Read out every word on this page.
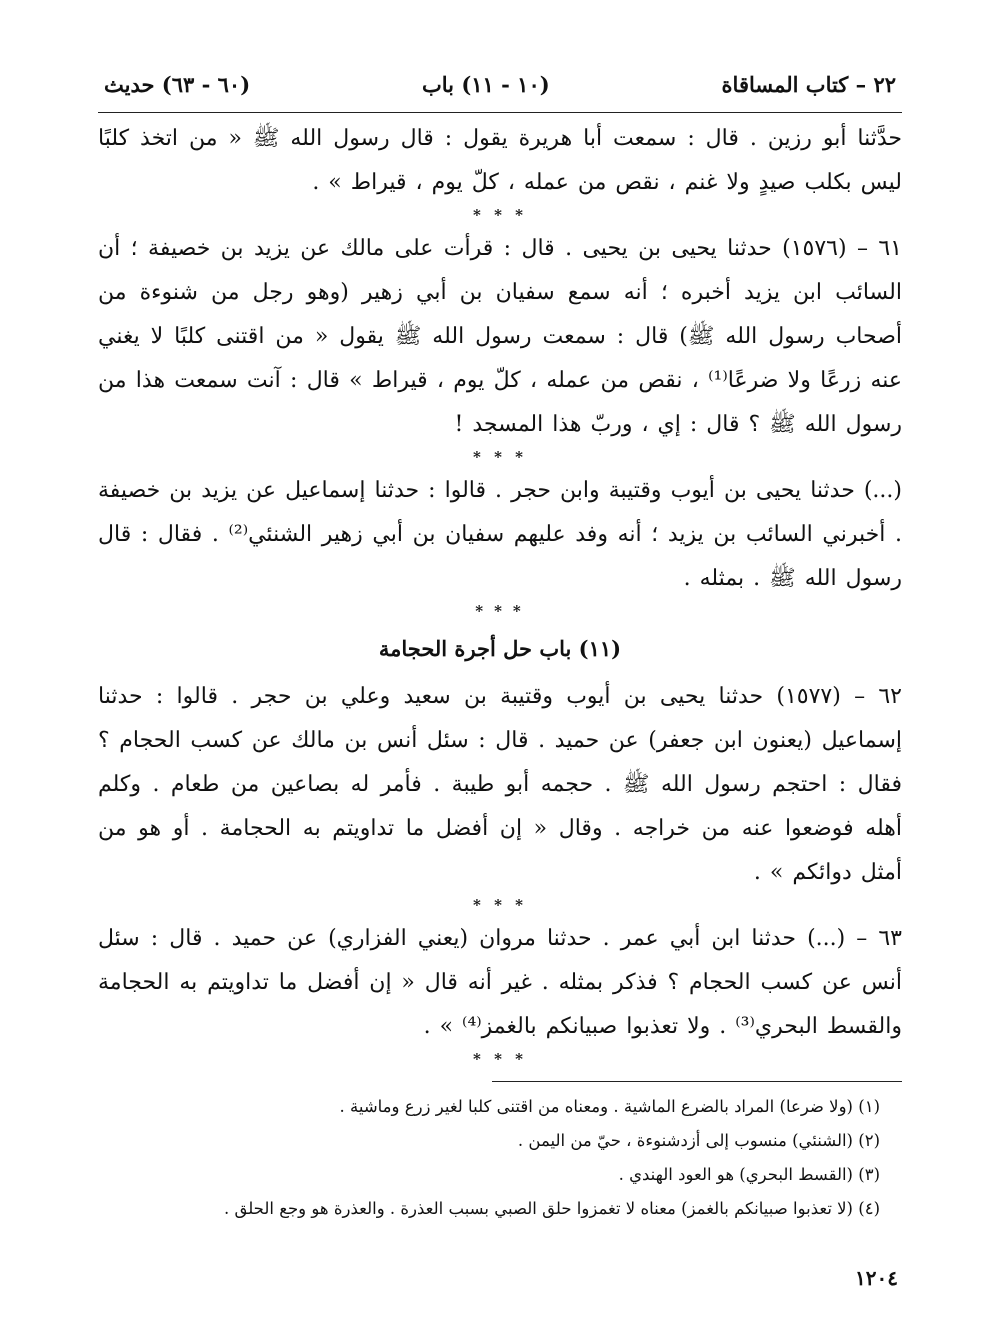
٢٢ – كتاب المساقاة
(١٠ - ١١) باب
(٦٠ - ٦٣) حديث

حدَّثنا أبو رزين . قال : سمعت أبا هريرة يقول : قال رسول الله ﷺ « من اتخذ كلبًا ليس بكلب صيدٍ ولا غنم ، نقص من عمله ، كلّ يوم ، قيراط » .

* * *

٦١ – (١٥٧٦) حدثنا يحيى بن يحيى . قال : قرأت على مالك عن يزيد بن خصيفة ؛ أن السائب ابن يزيد أخبره ؛ أنه سمع سفيان بن أبي زهير (وهو رجل من شنوءة من أصحاب رسول الله ﷺ) قال : سمعت رسول الله ﷺ يقول « من اقتنى كلبًا لا يغني عنه زرعًا ولا ضرعًا⁽¹⁾ ، نقص من عمله ، كلّ يوم ، قيراط » قال : آنت سمعت هذا من رسول الله ﷺ ؟ قال : إي ، وربّ هذا المسجد !

* * *

(...) حدثنا يحيى بن أيوب وقتيبة وابن حجر . قالوا : حدثنا إسماعيل عن يزيد بن خصيفة . أخبرني السائب بن يزيد ؛ أنه وفد عليهم سفيان بن أبي زهير الشنئي⁽²⁾ . فقال : قال رسول الله ﷺ . بمثله .

* * *
(١١) باب حل أجرة الحجامة

٦٢ – (١٥٧٧) حدثنا يحيى بن أيوب وقتيبة بن سعيد وعلي بن حجر . قالوا : حدثنا إسماعيل (يعنون ابن جعفر) عن حميد . قال : سئل أنس بن مالك عن كسب الحجام ؟ فقال : احتجم رسول الله ﷺ . حجمه أبو طيبة . فأمر له بصاعين من طعام . وكلم أهله فوضعوا عنه من خراجه . وقال « إن أفضل ما تداويتم به الحجامة . أو هو من أمثل دوائكم » .

* * *

٦٣ – (...) حدثنا ابن أبي عمر . حدثنا مروان (يعني الفزاري) عن حميد . قال : سئل أنس عن كسب الحجام ؟ فذكر بمثله . غير أنه قال « إن أفضل ما تداويتم به الحجامة والقسط البحري⁽³⁾ . ولا تعذبوا صبيانكم بالغمز⁽⁴⁾ » .

* * *

(١) (ولا ضرعا) المراد بالضرع الماشية . ومعناه من اقتنى كلبا لغير زرع وماشية .

(٢) (الشنئي) منسوب إلى أزدشنوءة ، حيّ من اليمن .

(٣) (القسط البحري) هو العود الهندي .

(٤) (لا تعذبوا صبيانكم بالغمز) معناه لا تغمزوا حلق الصبي بسبب العذرة . والعذرة هو وجع الحلق .

١٢٠٤
